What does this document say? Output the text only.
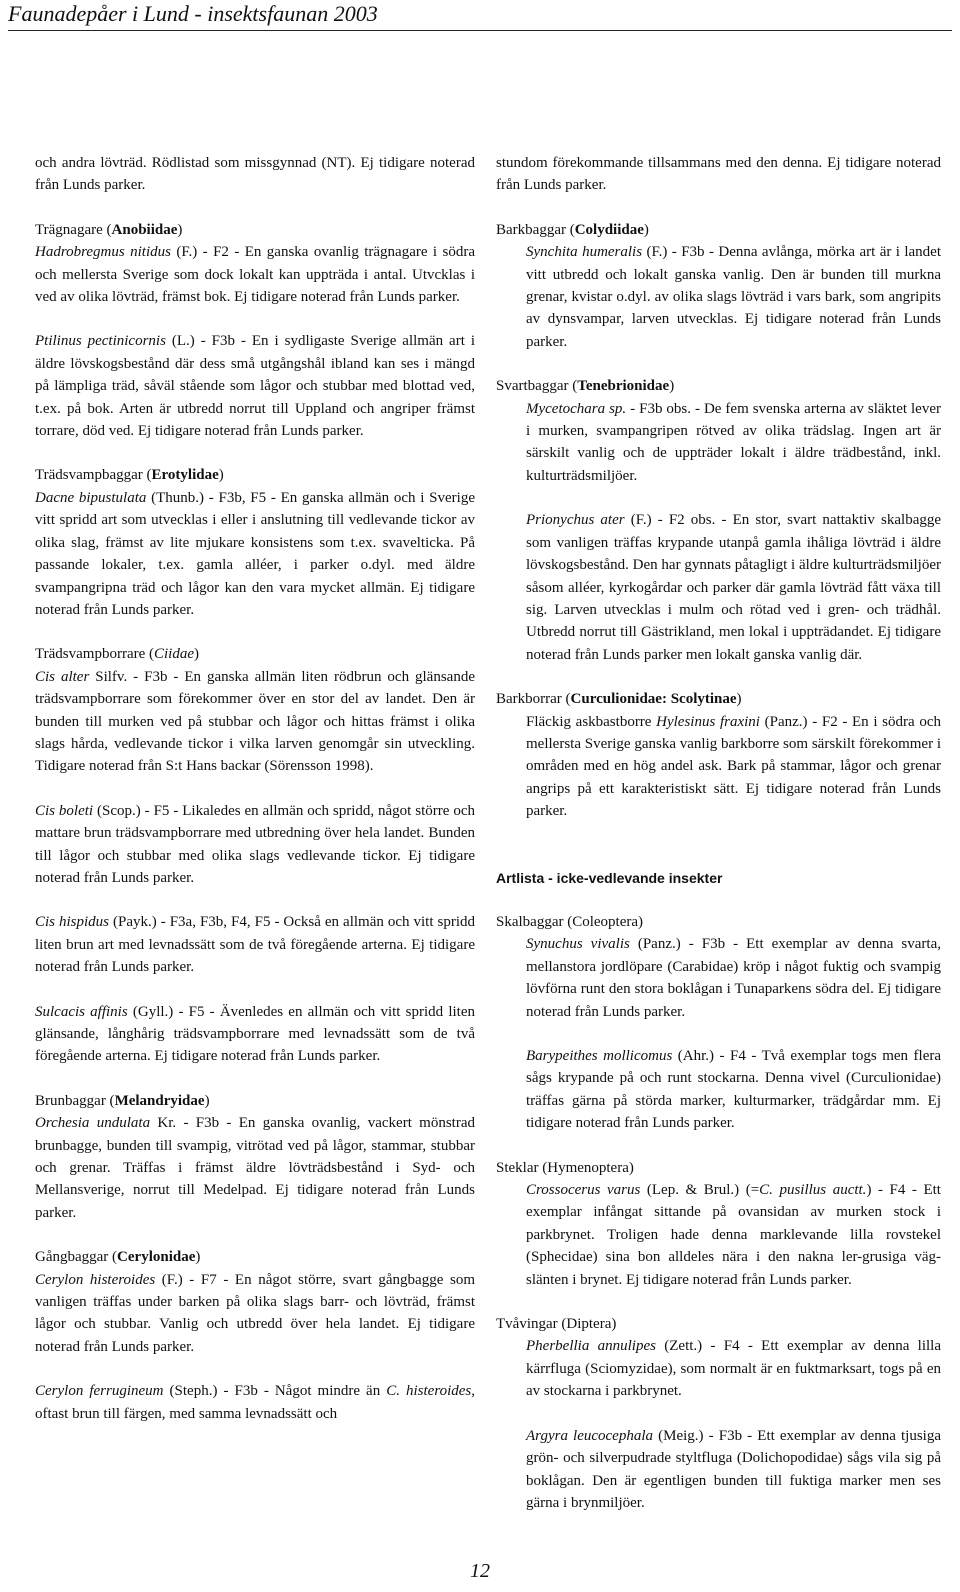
Faunadepåer i Lund - insektsfaunan 2003

och andra lövträd. Rödlistad som missgynnad (NT). Ej tidigare noterad från Lunds parker.

Trägnagare (Anobiidae)

Hadrobregmus nitidus (F.) - F2 - En ganska ovanlig trägnagare i södra och mellersta Sverige som dock lokalt kan uppträda i antal. Utvcklas i ved av olika lövträd, främst bok. Ej tidigare noterad från Lunds parker.

Ptilinus pectinicornis (L.) - F3b - En i sydligaste Sverige allmän art i äldre lövskogsbestånd där dess små utgångshål ibland kan ses i mängd på lämpliga träd, såväl stående som lågor och stubbar med blottad ved, t.ex. på bok. Arten är utbredd norrut till Uppland och angriper främst torrare, död ved. Ej tidigare noterad från Lunds parker.

Trädsvampbaggar (Erotylidae)

Dacne bipustulata (Thunb.) - F3b, F5 - En ganska allmän och i Sverige vitt spridd art som utvecklas i eller i anslutning till vedlevande tickor av olika slag, främst av lite mjukare konsistens som t.ex. svavelticka. På passande lokaler, t.ex. gamla alléer, i parker o.dyl. med äldre svampangripna träd och lågor kan den vara mycket allmän. Ej tidigare noterad från Lunds parker.

Trädsvampborrare (Ciidae)

Cis alter Silfv. - F3b - En ganska allmän liten rödbrun och glänsande trädsvampborrare som förekommer över en stor del av landet. Den är bunden till murken ved på stubbar och lågor och hittas främst i olika slags hårda, vedlevande tickor i vilka larven genomgår sin utveckling. Tidigare noterad från S:t Hans backar (Sörensson 1998).

Cis boleti (Scop.) - F5 - Likaledes en allmän och spridd, något större och mattare brun trädsvampborrare med utbredning över hela landet. Bunden till lågor och stubbar med olika slags vedlevande tickor. Ej tidigare noterad från Lunds parker.

Cis hispidus (Payk.) - F3a, F3b, F4, F5 - Också en allmän och vitt spridd liten brun art med levnadssätt som de två föregående arterna. Ej tidigare noterad från Lunds parker.

Sulcacis affinis (Gyll.) - F5 - Ävenledes en allmän och vitt spridd liten glänsande, långhårig trädsvampborrare med levnadssätt som de två föregående arterna. Ej tidigare noterad från Lunds parker.

Brunbaggar (Melandryidae)

Orchesia undulata Kr. - F3b - En ganska ovanlig, vackert mönstrad brunbagge, bunden till svampig, vitrötad ved på lågor, stammar, stubbar och grenar. Träffas i främst äldre lövträdsbestånd i Syd- och Mellansverige, norrut till Medelpad. Ej tidigare noterad från Lunds parker.

Gångbaggar (Cerylonidae)

Cerylon histeroides (F.) - F7 - En något större, svart gångbagge som vanligen träffas under barken på olika slags barr- och lövträd, främst lågor och stubbar. Vanlig och utbredd över hela landet. Ej tidigare noterad från Lunds parker.

Cerylon ferrugineum (Steph.) - F3b - Något mindre än C. histeroides, oftast brun till färgen, med samma levnadssätt och

stundom förekommande tillsammans med den denna. Ej tidigare noterad från Lunds parker.

Barkbaggar (Colydiidae)

Synchita humeralis (F.) - F3b - Denna avlånga, mörka art är i landet vitt utbredd och lokalt ganska vanlig. Den är bunden till murkna grenar, kvistar o.dyl. av olika slags lövträd i vars bark, som angripits av dynsvampar, larven utvecklas. Ej tidigare noterad från Lunds parker.

Svartbaggar (Tenebrionidae)

Mycetochara sp. - F3b obs. - De fem svenska arterna av släktet lever i murken, svampangripen rötved av olika trädslag. Ingen art är särskilt vanlig och de uppträder lokalt i äldre trädbestånd, inkl. kulturträdsmiljöer.

Prionychus ater (F.) - F2 obs. - En stor, svart nattaktiv skalbagge som vanligen träffas krypande utanpå gamla ihåliga lövträd i äldre lövskogsbestånd. Den har gynnats påtagligt i äldre kulturträdsmiljöer såsom alléer, kyrkogårdar och parker där gamla lövträd fått växa till sig. Larven utvecklas i mulm och rötad ved i gren- och trädhål. Utbredd norrut till Gästrikland, men lokal i uppträdandet. Ej tidigare noterad från Lunds parker men lokalt ganska vanlig där.

Barkborrar (Curculionidae: Scolytinae)

Fläckig askbastborre Hylesinus fraxini (Panz.) - F2 - En i södra och mellersta Sverige ganska vanlig barkborre som särskilt förekommer i områden med en hög andel ask. Bark på stammar, lågor och grenar angrips på ett karakteristiskt sätt. Ej tidigare noterad från Lunds parker.

Artlista - icke-vedlevande insekter
Skalbaggar (Coleoptera)

Synuchus vivalis (Panz.) - F3b - Ett exemplar av denna svarta, mellanstora jordlöpare (Carabidae) kröp i något fuktig och svampig lövförna runt den stora boklågan i Tunaparkens södra del. Ej tidigare noterad från Lunds parker.

Barypeithes mollicomus (Ahr.) - F4 - Två exemplar togs men flera sågs krypande på och runt stockarna. Denna vivel (Curculionidae) träffas gärna på störda marker, kulturmarker, trädgårdar mm. Ej tidigare noterad från Lunds parker.

Steklar (Hymenoptera)

Crossocerus varus (Lep. & Brul.) (=C. pusillus auctt.) - F4 - Ett exemplar infångat sittande på ovansidan av murken stock i parkbrynet. Troligen hade denna marklevande lilla rovstekel (Sphecidae) sina bon alldeles nära i den nakna ler-grusiga väg-slänten i brynet. Ej tidigare noterad från Lunds parker.

Tvåvingar (Diptera)

Pherbellia annulipes (Zett.) - F4 - Ett exemplar av denna lilla kärrfluga (Sciomyzidae), som normalt är en fuktmarksart, togs på en av stockarna i parkbrynet.

Argyra leucocephala (Meig.) - F3b - Ett exemplar av denna tjusiga grön- och silverpudrade styltfluga (Dolichopodidae) sågs vila sig på boklågan. Den är egentligen bunden till fuktiga marker men ses gärna i brynmiljöer.

12
